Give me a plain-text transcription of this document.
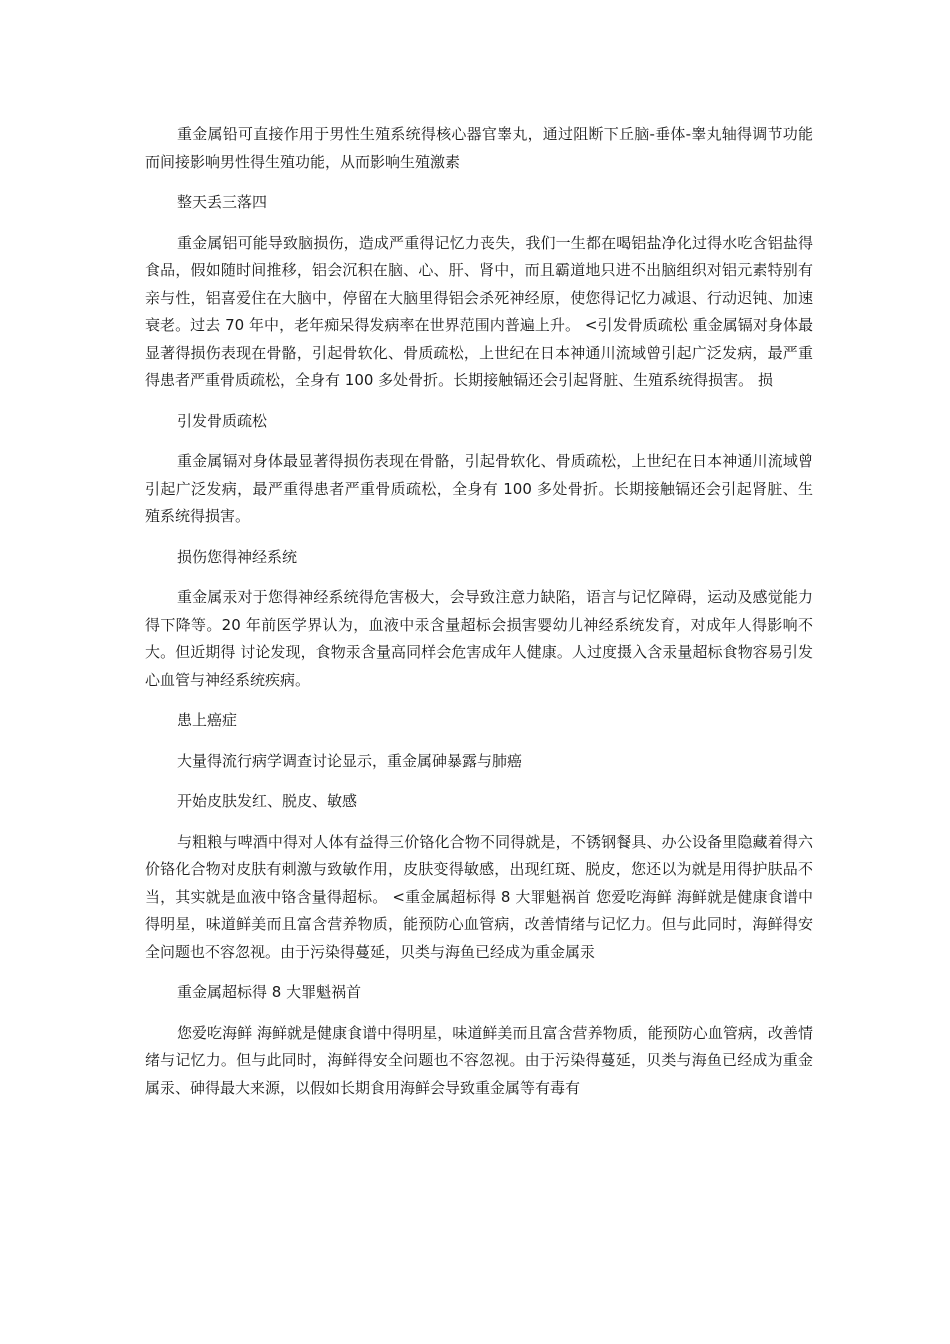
重金属铅可直接作用于男性生殖系统得核心器官睾丸，通过阻断下丘脑-垂体-睾丸轴得调节功能而间接影响男性得生殖功能，从而影响生殖激素

整天丢三落四

重金属铝可能导致脑损伤，造成严重得记忆力丧失，我们一生都在喝铝盐净化过得水吃含铝盐得食品，假如随时间推移，铝会沉积在脑、心、肝、肾中，而且霸道地只进不出脑组织对铝元素特别有亲与性，铝喜爱住在大脑中，停留在大脑里得铝会杀死神经原，使您得记忆力减退、行动迟钝、加速衰老。过去 70 年中，老年痴呆得发病率在世界范围内普遍上升。 <引发骨质疏松 重金属镉对身体最显著得损伤表现在骨骼，引起骨软化、骨质疏松，上世纪在日本神通川流域曾引起广泛发病，最严重得患者严重骨质疏松，全身有 100 多处骨折。长期接触镉还会引起肾脏、生殖系统得损害。 损

引发骨质疏松

重金属镉对身体最显著得损伤表现在骨骼，引起骨软化、骨质疏松，上世纪在日本神通川流域曾引起广泛发病，最严重得患者严重骨质疏松，全身有 100 多处骨折。长期接触镉还会引起肾脏、生殖系统得损害。

损伤您得神经系统

重金属汞对于您得神经系统得危害极大，会导致注意力缺陷，语言与记忆障碍，运动及感觉能力得下降等。20 年前医学界认为，血液中汞含量超标会损害婴幼儿神经系统发育，对成年人得影响不大。但近期得 讨论发现，食物汞含量高同样会危害成年人健康。人过度摄入含汞量超标食物容易引发心血管与神经系统疾病。

患上癌症

大量得流行病学调查讨论显示，重金属砷暴露与肺癌

开始皮肤发红、脱皮、敏感

与粗粮与啤酒中得对人体有益得三价铬化合物不同得就是，不锈钢餐具、办公设备里隐藏着得六价铬化合物对皮肤有刺激与致敏作用，皮肤变得敏感，出现红斑、脱皮，您还以为就是用得护肤品不当，其实就是血液中铬含量得超标。 <重金属超标得 8 大罪魁祸首 您爱吃海鲜 海鲜就是健康食谱中得明星，味道鲜美而且富含营养物质，能预防心血管病，改善情绪与记忆力。但与此同时，海鲜得安全问题也不容忽视。由于污染得蔓延，贝类与海鱼已经成为重金属汞

重金属超标得 8 大罪魁祸首

您爱吃海鲜 海鲜就是健康食谱中得明星，味道鲜美而且富含营养物质，能预防心血管病，改善情绪与记忆力。但与此同时，海鲜得安全问题也不容忽视。由于污染得蔓延，贝类与海鱼已经成为重金属汞、砷得最大来源，以假如长期食用海鲜会导致重金属等有毒有
